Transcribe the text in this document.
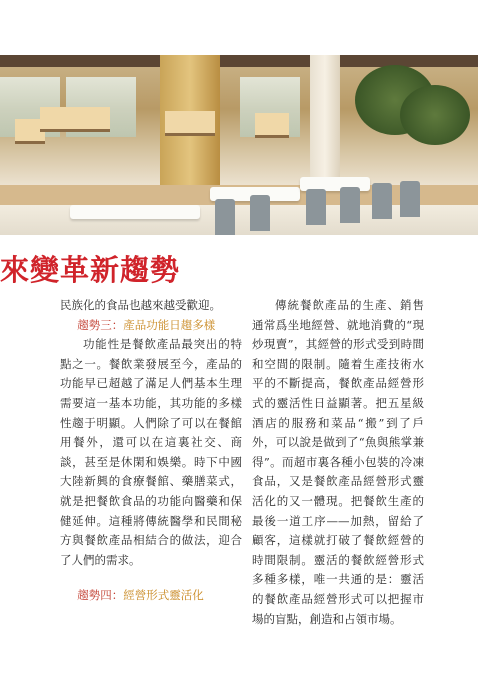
來變革新趨勢

民族化的食品也越來越受歡迎。

趨勢三：產品功能日趨多樣

功能性是餐飲產品最突出的特點之一。餐飲業發展至今，產品的功能早已超越了滿足人們基本生理需要這一基本功能，其功能的多樣性趨于明顯。人們除了可以在餐館用餐外，還可以在這裏社交、商談，甚至是休閑和娛樂。時下中國大陸新興的食療餐館、藥膳菜式，就是把餐飲食品的功能向醫藥和保健延伸。這種將傳統醫學和民間秘方與餐飲產品相結合的做法，迎合了人們的需求。

趨勢四：經營形式靈活化

傳統餐飲產品的生產、銷售通常爲坐地經營、就地消費的“現炒現賣”，其經營的形式受到時間和空間的限制。隨着生產技術水平的不斷提高，餐飲產品經營形式的靈活性日益顯著。把五星級酒店的服務和菜品“搬”到了戶外，可以說是做到了“魚與熊掌兼得”。而超市裏各種小包裝的冷凍食品，又是餐飲產品經營形式靈活化的又一體現。把餐飲生產的最後一道工序——加熱，留給了顧客，這樣就打破了餐飲經營的時間限制。靈活的餐飲經營形式多種多樣，唯一共通的是：靈活的餐飲產品經營形式可以把握市場的盲點，創造和占領市場。
